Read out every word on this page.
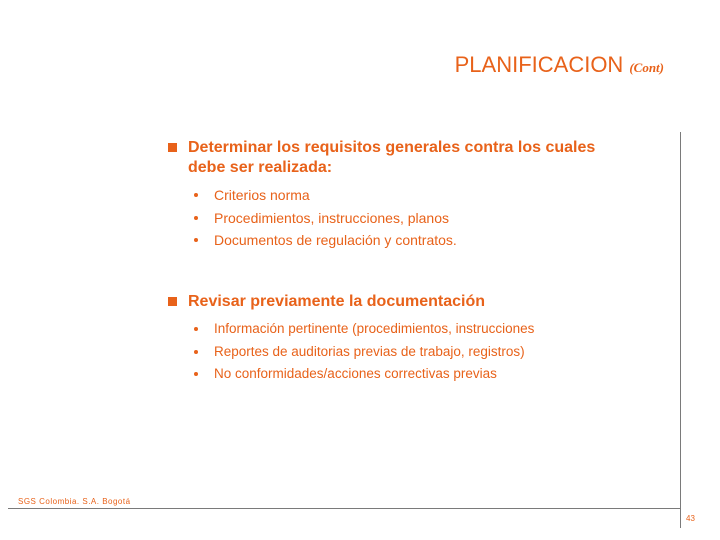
PLANIFICACION (Cont)
Determinar los requisitos generales contra los cuales
debe ser realizada:
Criterios norma
Procedimientos, instrucciones, planos
Documentos de regulación y contratos.
Revisar previamente la documentación
Información pertinente (procedimientos, instrucciones
Reportes de auditorias previas de trabajo, registros)
No conformidades/acciones correctivas previas
SGS Colombia. S.A. Bogotá
43
